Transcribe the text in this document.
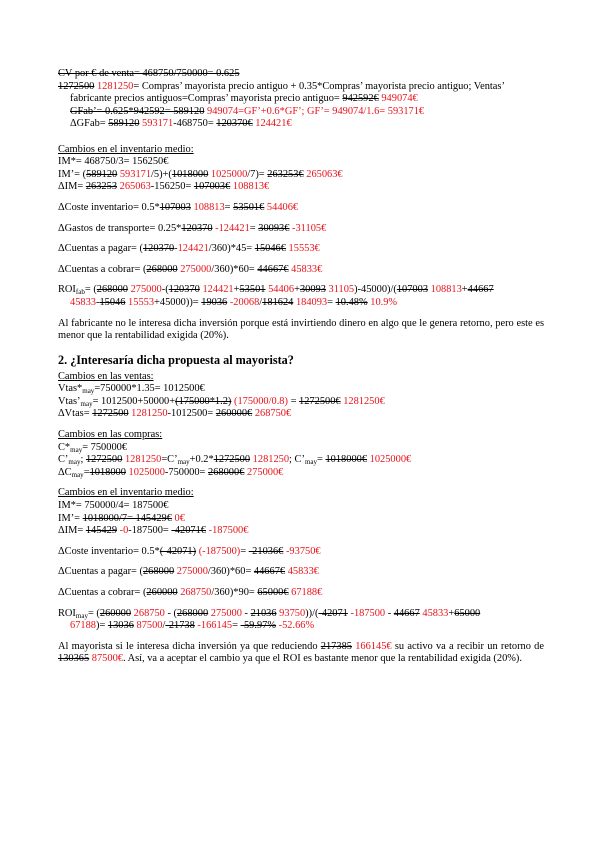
CV por € de venta= 468750/750000= 0.625
1272500 1281250= Compras’ mayorista precio antiguo + 0.35*Compras’ mayorista precio antiguo; Ventas’
fabricante precios antiguos=Compras’ mayorista precio antiguo= 942592€ 949074€
GFab’= 0.625*942592= 589120 949074=GF’+0.6*GF’; GF’= 949074/1.6= 593171€
ΔGFab= 589120 593171-468750= 120370€ 124421€
Cambios en el inventario medio:
IM*= 468750/3= 156250€
IM’= (589120 593171/5)+(1018000 1025000/7)= 263253€ 265063€
ΔIM= 263253 265063-156250= 107003€ 108813€
ΔCoste inventario= 0.5*107003 108813= 53501€ 54406€
ΔGastos de transporte= 0.25*120370 -124421= 30093€ -31105€
ΔCuentas a pagar= (120370-124421/360)*45= 15046€ 15553€
ΔCuentas a cobrar= (268000 275000/360)*60= 44667€ 45833€
$ROI_{fab}= (268000$ 275000-(120370 124421+53501 54406+30093 31105)-45000)/(107003 108813+44667
45833-15046 15553+45000))= 19036 -20068/181624 184093= 10.48% 10.9%
Al fabricante no le interesa dicha inversión porque está invirtiendo dinero en algo que le genera retorno, pero este es menor que la rentabilidad exigida (20%).
2. ¿Interesaría dicha propuesta al mayorista?
Cambios en las ventas:
$Vtas*_{may}=750000*1.35=$ 1012500€
$Vtas’_{may}= 1012500+50000+(175000*1.2) (175000/0.8)$ = 1272500€ 1281250€
ΔVtas= 1272500 1281250-1012500= 260000€ 268750€
Cambios en las compras:
$C*_{may}=$ 750000€
$C’_{may}$; 1272500 $1281250=C’_{may}+0.2*1272500$ 1281250; $C’_{may}=$ 1018000€ 1025000€
$\Delta C_{may}=1018000$ 1025000-750000= 268000€ 275000€
Cambios en el inventario medio:
IM*= 750000/4= 187500€
IM’= 1018000/7= 145429€ 0€
ΔIM= 145429 -0-187500= -42071€ -187500€
ΔCoste inventario= 0.5*(-42071) (-187500)= -21036€ -93750€
ΔCuentas a pagar= (268000 275000/360)*60= 44667€ 45833€
ΔCuentas a cobrar= (260000 268750/360)*90= 65000€ 67188€
$ROI_{may}= (260000$ 268750 - (268000 275000 - 21036 93750))/(-42071 -187500 - 44667 45833+65000
67188)= 13036 87500/-21738 -166145= -59.97% -52.66%
Al mayorista si le interesa dicha inversión ya que reduciendo 217385 166145€ su activo va a recibir un retorno de 130365 87500€. Así, va a aceptar el cambio ya que el ROI es bastante menor que la rentabilidad exigida (20%).
